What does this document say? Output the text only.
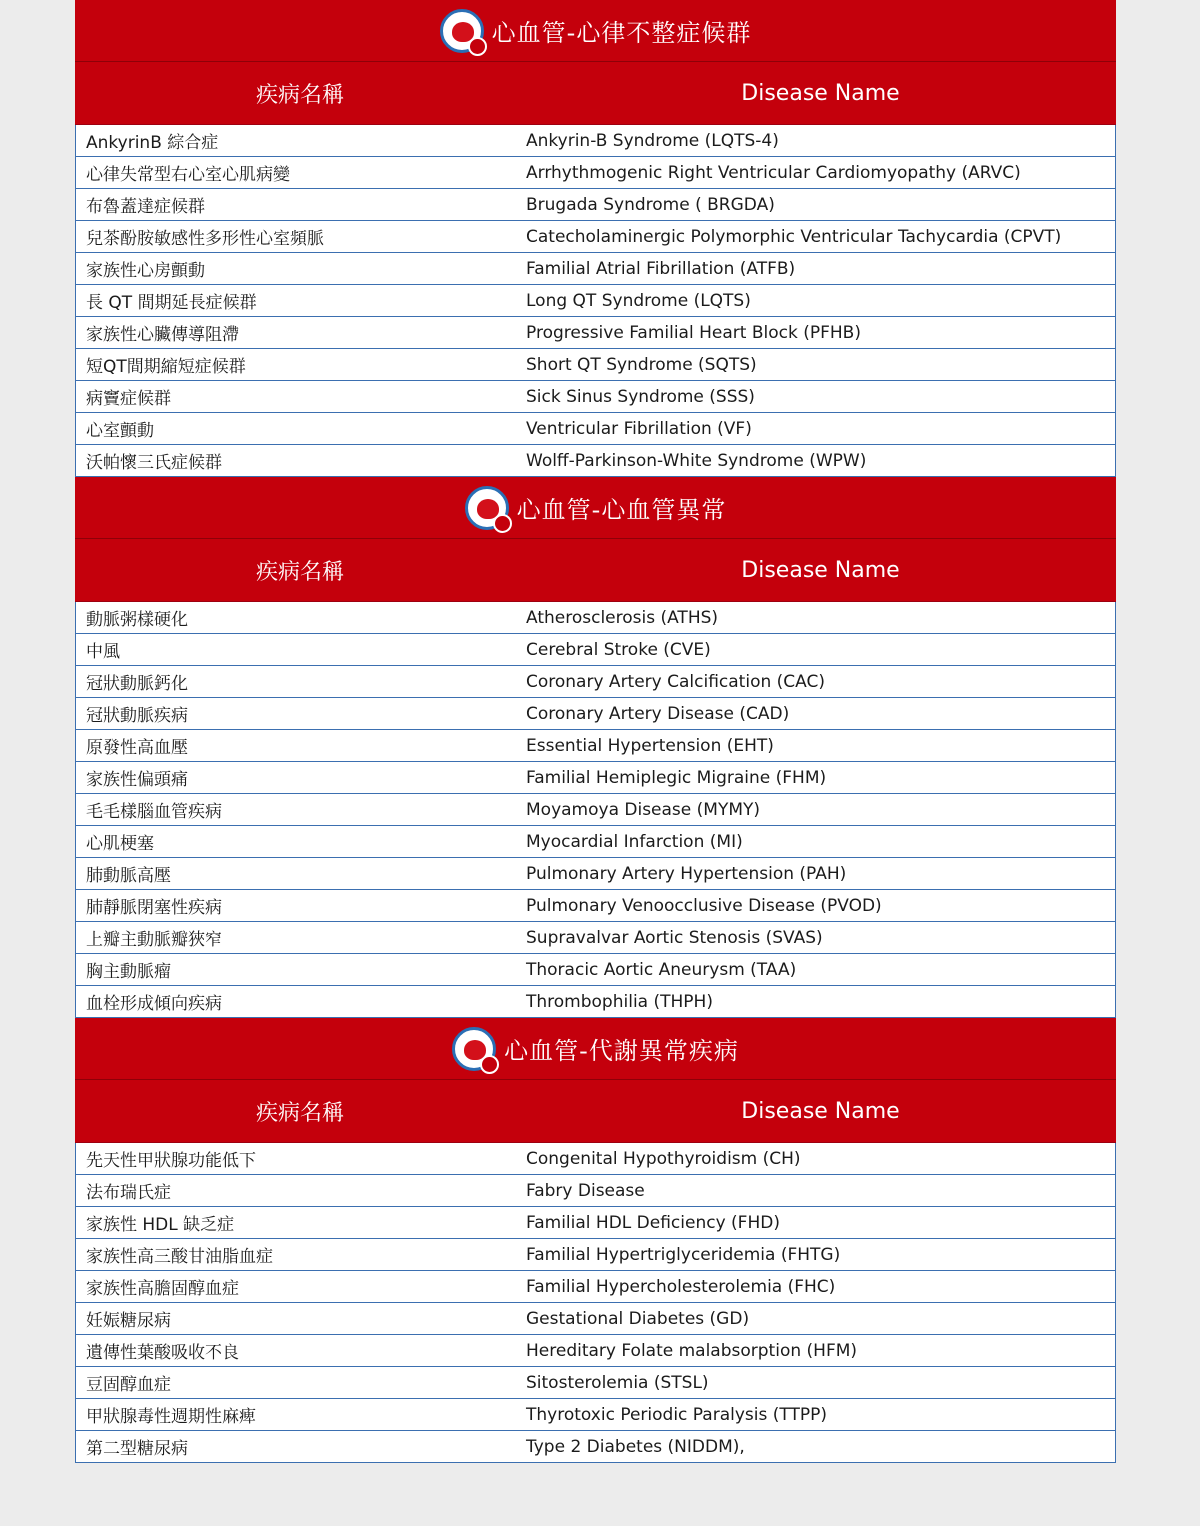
心血管-心律不整症候群
疾病名稱	Disease Name
AnkyrinB 綜合症	Ankyrin-B Syndrome (LQTS-4)
心律失常型右心室心肌病變	Arrhythmogenic Right Ventricular Cardiomyopathy (ARVC)
布魯蓋達症候群	Brugada Syndrome ( BRGDA)
兒茶酚胺敏感性多形性心室頻脈	Catecholaminergic Polymorphic Ventricular Tachycardia (CPVT)
家族性心房顫動	Familial Atrial Fibrillation (ATFB)
長 QT 間期延長症候群	Long QT Syndrome (LQTS)
家族性心臟傳導阻滯	Progressive Familial Heart Block (PFHB)
短QT間期縮短症候群	Short QT Syndrome (SQTS)
病竇症候群	Sick Sinus Syndrome (SSS)
心室顫動	Ventricular Fibrillation (VF)
沃帕懷三氏症候群	Wolff-Parkinson-White Syndrome (WPW)
心血管-心血管異常
疾病名稱	Disease Name
動脈粥樣硬化	Atherosclerosis (ATHS)
中風	Cerebral Stroke (CVE)
冠狀動脈鈣化	Coronary Artery Calcification (CAC)
冠狀動脈疾病	Coronary Artery Disease (CAD)
原發性高血壓	Essential Hypertension (EHT)
家族性偏頭痛	Familial Hemiplegic Migraine (FHM)
毛毛樣腦血管疾病	Moyamoya Disease (MYMY)
心肌梗塞	Myocardial Infarction (MI)
肺動脈高壓	Pulmonary Artery Hypertension (PAH)
肺靜脈閉塞性疾病	Pulmonary Venoocclusive Disease (PVOD)
上瓣主動脈瓣狹窄	Supravalvar Aortic Stenosis (SVAS)
胸主動脈瘤	Thoracic Aortic Aneurysm (TAA)
血栓形成傾向疾病	Thrombophilia (THPH)
心血管-代謝異常疾病
疾病名稱	Disease Name
先天性甲狀腺功能低下	Congenital Hypothyroidism (CH)
法布瑞氏症	Fabry Disease
家族性 HDL 缺乏症	Familial HDL Deficiency (FHD)
家族性高三酸甘油脂血症	Familial Hypertriglyceridemia (FHTG)
家族性高膽固醇血症	Familial Hypercholesterolemia (FHC)
妊娠糖尿病	Gestational Diabetes (GD)
遺傳性葉酸吸收不良	Hereditary Folate malabsorption (HFM)
豆固醇血症	Sitosterolemia (STSL)
甲狀腺毒性週期性麻痺	Thyrotoxic Periodic Paralysis (TTPP)
第二型糖尿病	Type 2 Diabetes (NIDDM),
